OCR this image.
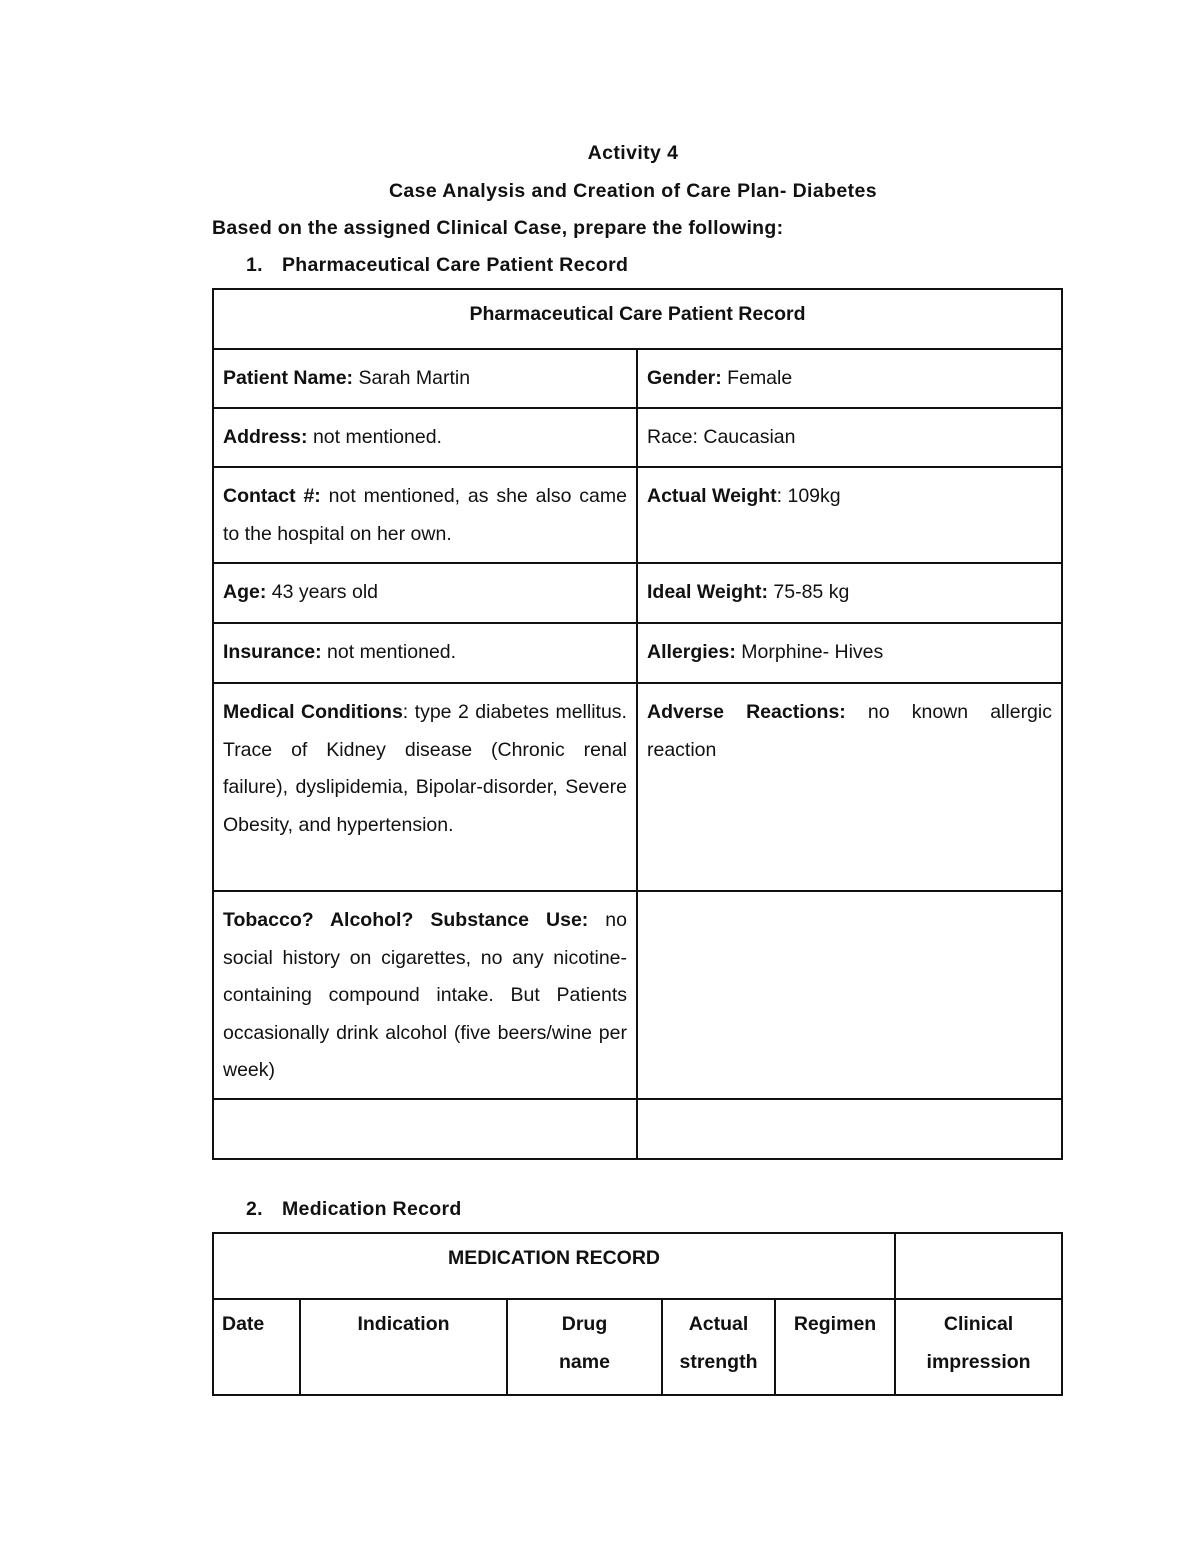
Activity 4
Case Analysis and Creation of Care Plan- Diabetes
Based on the assigned Clinical Case, prepare the following:
1. Pharmaceutical Care Patient Record
Pharmaceutical Care Patient Record	
Patient Name: Sarah Martin	Gender: Female
Address: not mentioned.	Race: Caucasian

Contact #: not mentioned, as she also came to the hospital on her own.	Actual Weight: 109kg
Age: 43 years old	Ideal Weight: 75-85 kg
Insurance: not mentioned.	Allergies: Morphine- Hives

Medical Conditions: type 2 diabetes mellitus. Trace of Kidney disease (Chronic renal failure), dyslipidemia, Bipolar-disorder, Severe Obesity, and hypertension.	Adverse Reactions: no known allergic reaction

Tobacco? Alcohol? Substance Use: no social history on cigarettes, no any nicotine- containing compound intake. But Patients occasionally drink alcohol (five beers/wine per week)	

2. Medication Record
MEDICATION RECORD					
Date	Indication	Drug name	Actual strength	Regimen	Clinical impression
